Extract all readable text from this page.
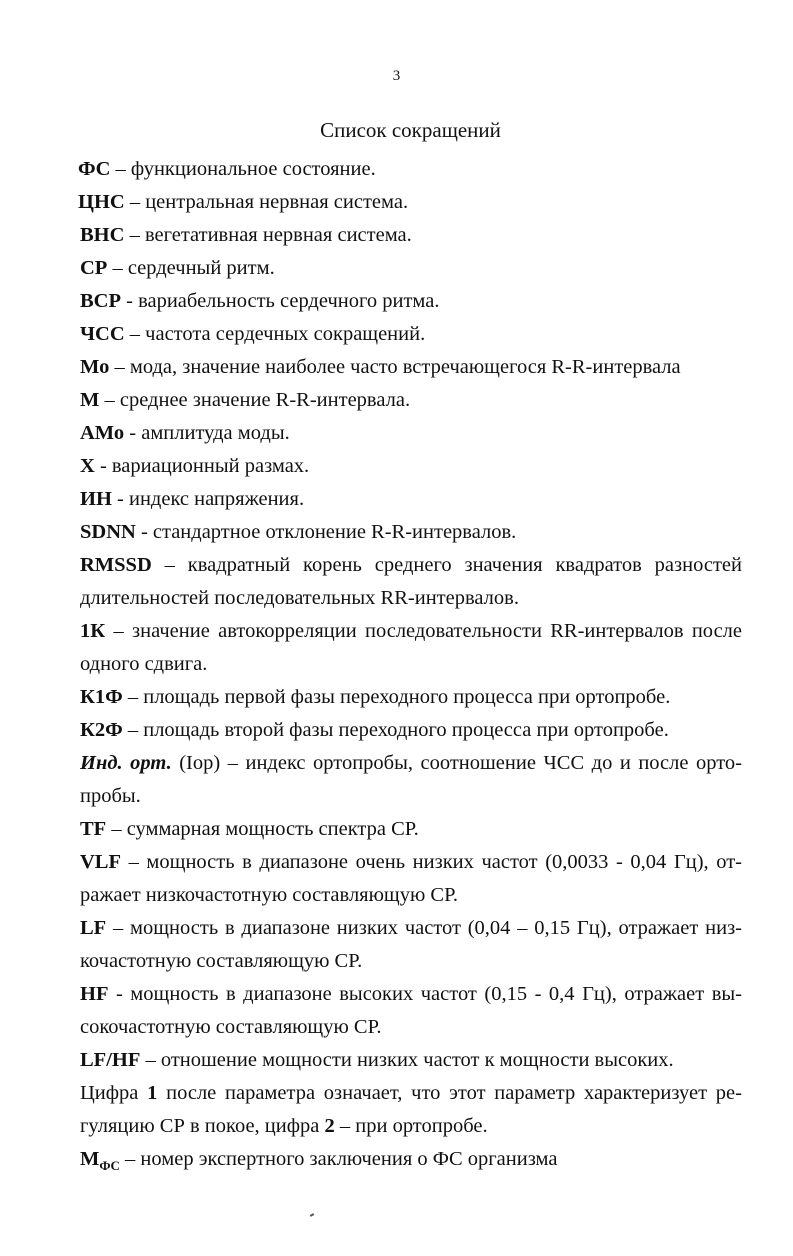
3
Список сокращений
ФС – функциональное состояние.
ЦНС – центральная нервная система.
ВНС – вегетативная нервная система.
СР – сердечный ритм.
ВСР - вариабельность сердечного ритма.
ЧСС – частота сердечных сокращений.
Мо – мода, значение наиболее часто встречающегося R-R-интервала
М – среднее значение R-R-интервала.
АМо - амплитуда моды.
Х - вариационный размах.
ИН - индекс напряжения.
SDNN - стандартное отклонение R-R-интервалов.
RMSSD – квадратный корень среднего значения квадратов разностей
длительностей последовательных RR-интервалов.
1К – значение автокорреляции последовательности RR-интервалов после
одного сдвига.
К1Ф – площадь первой фазы переходного процесса при ортопробе.
К2Ф – площадь второй фазы переходного процесса при ортопробе.
Инд. орт. (Іор) – индекс ортопробы, соотношение ЧСС до и после орто-
пробы.
TF – суммарная мощность спектра СР.
VLF – мощность в диапазоне очень низких частот (0,0033 - 0,04 Гц), от-
ражает низкочастотную составляющую СР.
LF – мощность в диапазоне низких частот (0,04 – 0,15 Гц), отражает низ-
кочастотную составляющую СР.
HF - мощность в диапазоне высоких частот (0,15 - 0,4 Гц), отражает вы-
сокочастотную составляющую СР.
LF/HF – отношение мощности низких частот к мощности высоких.
Цифра 1 после параметра означает, что этот параметр характеризует ре-
гуляцию СР в покое, цифра 2 – при ортопробе.
$М_{ФС}$ – номер экспертного заключения о ФС организма
